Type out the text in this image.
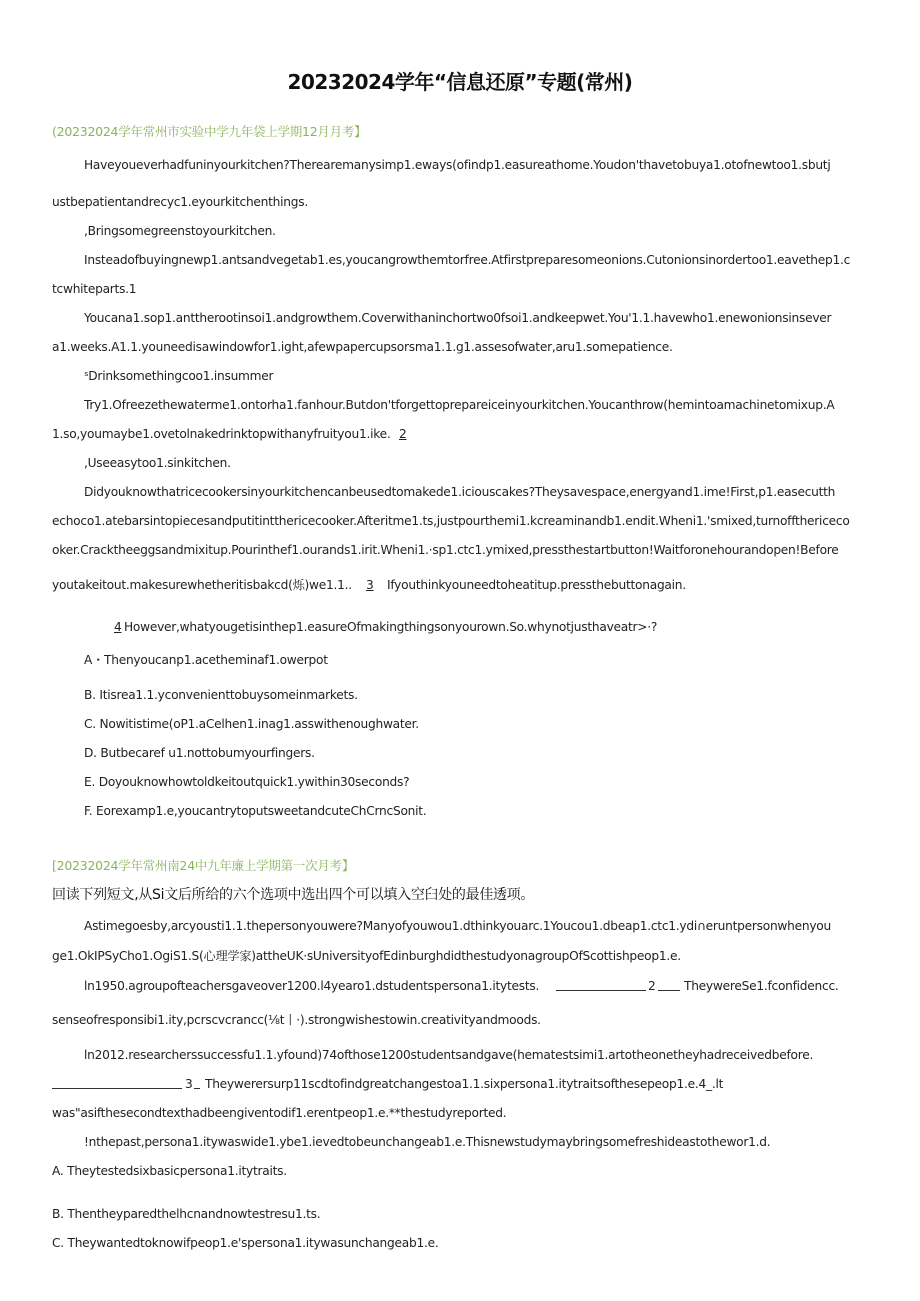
20232024学年“信息还原”专题(常州)
(20232024学年常州市实验中学九年袋上学期12月月考】
Haveyoueverhadfuninyourkitchen?Therearemanysimp1.eways(ofindp1.easureathome.Youdon'thavetobuya1.otofnewtoo1.sbutj
ustbepatientandrecyc1.eyourkitchenthings.
,Bringsomegreenstoyourkitchen.
Insteadofbuyingnewp1.antsandvegetab1.es,youcangrowthemtorfree.Atfirstpreparesomeonions.Cutonionsinordertoo1.eavethep1.c
tcwhiteparts.1
Youcana1.sop1.anttherootinsoi1.andgrowthem.Coverwithaninchortwo0fsoi1.andkeepwet.You'1.1.havewho1.enewonionsinsever
a1.weeks.A1.1.youneedisawindowfor1.ight,afewpapercupsorsma1.1.g1.assesofwater,aru1.somepatience.
ˢDrinksomethingcoo1.insummer
Try1.Ofreezethewaterme1.ontorha1.fanhour.Butdon'tforgettoprepareiceinyourkitchen.Youcanthrow(hemintoamachinetomixup.A
1.so,youmaybe1.ovetolnakedrinktopwithanyfruityou1.ike. 2
,Useeasytoo1.sinkitchen.
Didyouknowthatricecookersinyourkitchencanbeusedtomakede1.iciouscakes?Theysavespace,energyand1.ime!First,p1.easecutth
echoco1.atebarsintopiecesandputitintthericecooker.Afteritme1.ts,justpourthemi1.kcreaminandb1.endit.Wheni1.'smixed,turnoffthericeco
oker.Cracktheeggsandmixitup.Pourinthef1.ourands1.irit.Wheni1.·sp1.ctc1.ymixed,pressthestartbutton!Waitforonehourandopen!Before
youtakeitout.makesurewhetheritisbakcd(烁)we1.1.. 3 Ifyouthinkyouneedtoheatitup.pressthebuttonagain.
4 However,whatyougetisinthep1.easureOfmakingthingsonyourown.So.whynotjusthaveatr>·?
A・Thenyoucanp1.acetheminaf1.owerpot
B. Itisrea1.1.yconvenienttobuysomeinmarkets.
C. Nowitistime(oP1.aCelhen1.inag1.asswithenoughwater.
D. Butbecaref u1.nottobumyourfingers.
E. Doyouknowhowtoldkeitoutquick1.ywithin30seconds?
F. Eorexamp1.e,youcantrytoputsweetandcuteChCrncSonit.
[20232024学年常州南24中九年廉上学期第一次月考】
回读下列短文,从Si文后所给的六个选项中选出四个可以填入空臼处的最佳透项。
Astimegoesby,arcyousti1.1.thepersonyouwere?Manyofyouwou1.dthinkyouarc.1Youcou1.dbeap1.ctc1.ydi∩eruntpersonwhenyou
ge1.OkIPSyCho1.OgiS1.S(心理学家)attheUK·sUniversityofEdinburghdidthestudyonagroupOfScottishpeop1.e.
ln1950.agroupofteachersgaveover1200.l4yearo1.dstudentspersona1.itytests.	2 TheywereSe1.fconfidencc.
senseofresponsibi1.ity,pcrscvcrancc(⅛t丨·).strongwishestowin.creativityandmoods.
ln2012.researcherssuccessfu1.1.yfound)74ofthose1200studentsandgave(hematestsimi1.artotheonetheyhadreceivedbefore.
3 Theywerersurp11scdtofindgreatchangestoa1.1.sixpersona1.itytraitsofthesepeop1.e.4_.lt
was"asifthesecondtexthadbeengiventodif1.erentpeop1.e.**thestudyreported.
!nthepast,persona1.itywaswide1.ybe1.ievedtobeunchangeab1.e.Thisnewstudymaybringsomefreshideastothewor1.d.
A. Theytestedsixbasicpersona1.itytraits.
B. Thentheyparedthelhcnandnowtestresu1.ts.
C. Theywantedtoknowifpeop1.e'spersona1.itywasunchangeab1.e.
